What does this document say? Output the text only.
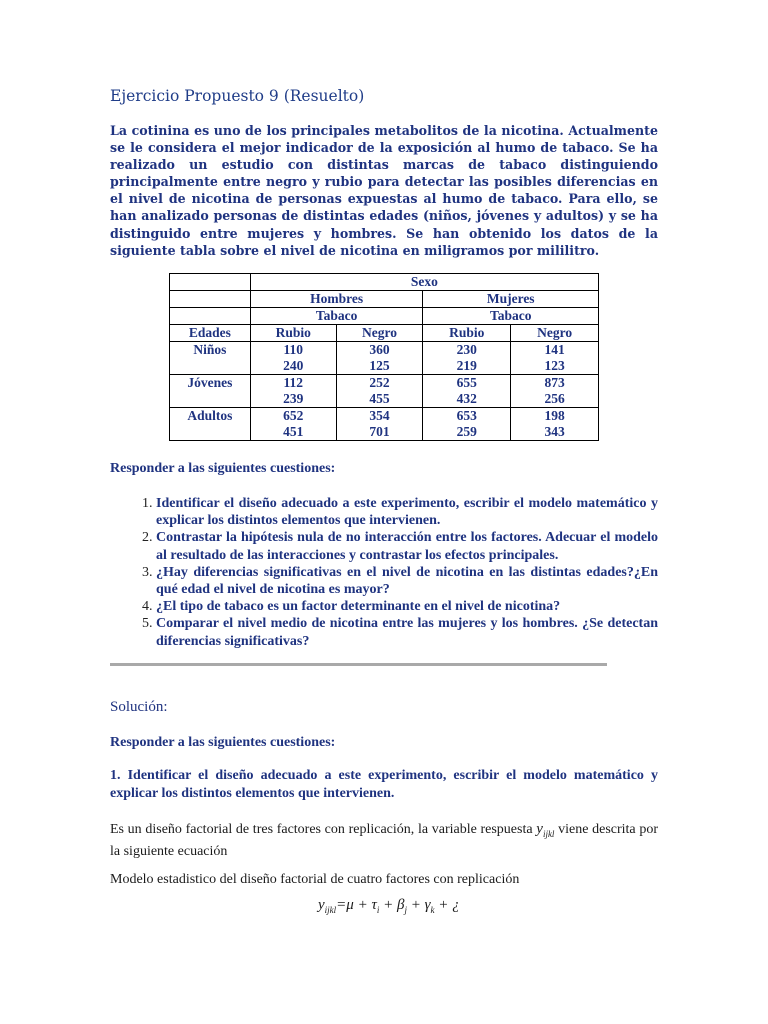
Ejercicio Propuesto 9 (Resuelto)

La cotinina es uno de los principales metabolitos de la nicotina. Actualmente se le considera el mejor indicador de la exposición al humo de tabaco. Se ha realizado un estudio con distintas marcas de tabaco distinguiendo principalmente entre negro y rubio para detectar las posibles diferencias en el nivel de nicotina de personas expuestas al humo de tabaco. Para ello, se han analizado personas de distintas edades (niños, jóvenes y adultos) y se ha distinguido entre mujeres y hombres. Se han obtenido los datos de la siguiente tabla sobre el nivel de nicotina en miligramos por mililitro.

	Sexo			
	Hombres		Mujeres	
	Tabaco		Tabaco	
Edades	Rubio	Negro	Rubio	Negro
Niños	110	360	230	141
	240	125	219	123
Jóvenes	112	252	655	873
	239	455	432	256
Adultos	652	354	653	198
	451	701	259	343
Responder a las siguientes cuestiones:
1. Identificar el diseño adecuado a este experimento, escribir el modelo matemático y explicar los distintos elementos que intervienen.
2. Contrastar la hipótesis nula de no interacción entre los factores. Adecuar el modelo al resultado de las interacciones y contrastar los efectos principales.
3. ¿Hay diferencias significativas en el nivel de nicotina en las distintas edades?¿En qué edad el nivel de nicotina es mayor?
4. ¿El tipo de tabaco es un factor determinante en el nivel de nicotina?
5. Comparar el nivel medio de nicotina entre las mujeres y los hombres. ¿Se detectan diferencias significativas?
Solución:
Responder a las siguientes cuestiones:

1. Identificar el diseño adecuado a este experimento, escribir el modelo matemático y explicar los distintos elementos que intervienen.

Es un diseño factorial de tres factores con replicación, la variable respuesta $y_{ijkl}$ viene descrita por la siguiente ecuación

Modelo estadistico del diseño factorial de cuatro factores con replicación

$y_{ijkl}=\mu + \tau_i + \beta_j + \gamma_k$ + ¿
